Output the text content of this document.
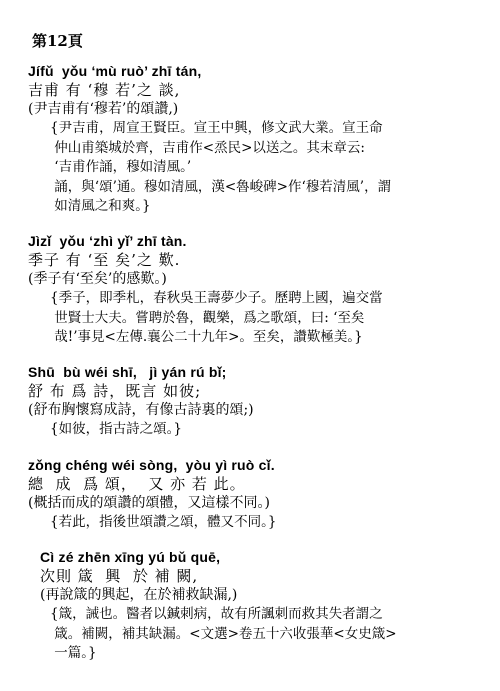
第12頁
Jífǔ  yǒu ‘mù ruò’ zhī tán,
吉甫 有 ‘穆 若’之 談,
(尹吉甫有‘穆若’的頌讚,)
{尹吉甫，周宣王賢臣。宣王中興，修文武大業。宣王命
仲山甫築城於齊，吉甫作<烝民>以送之。其末章云:
‘吉甫作誦，穆如清風。’
誦，與‘頌’通。穆如清風，漢<魯峻碑>作‘穆若清風’，謂
如清風之和爽。}
Jìzǐ  yǒu ‘zhì yǐ’ zhī tàn.
季子 有 ‘至 矣’之 歎.
(季子有‘至矣’的感歎。)
{季子，即季札，春秋吳王壽夢少子。歷聘上國，遍交當
世賢士大夫。嘗聘於魯，觀樂，爲之歌頌，曰: ‘至矣
哉!’事見<左傳.襄公二十九年>。至矣，讚歎極美。}
Shū  bù wéi shī,   jì yán rú bǐ;
舒 布 爲 詩，既言 如彼;
(舒布胸懷寫成詩，有像古詩裏的頌;)
{如彼，指古詩之頌。}
zǒng chéng wéi sòng,  yòu yì ruò cǐ.
總  成  爲 頌，  又 亦 若 此。
(概括而成的頌讚的頌體，又這樣不同。)
{若此，指後世頌讚之頌，體又不同。}
Cì zé zhēn xīng yú bǔ quē,
次則 箴  興  於 補 闕,
(再說箴的興起，在於補救缺漏,)
{箴，誡也。醫者以鍼刺病，故有所諷刺而救其失者謂之
箴。補闕，補其缺漏。<文選>卷五十六收張華<女史箴>
一篇。}
